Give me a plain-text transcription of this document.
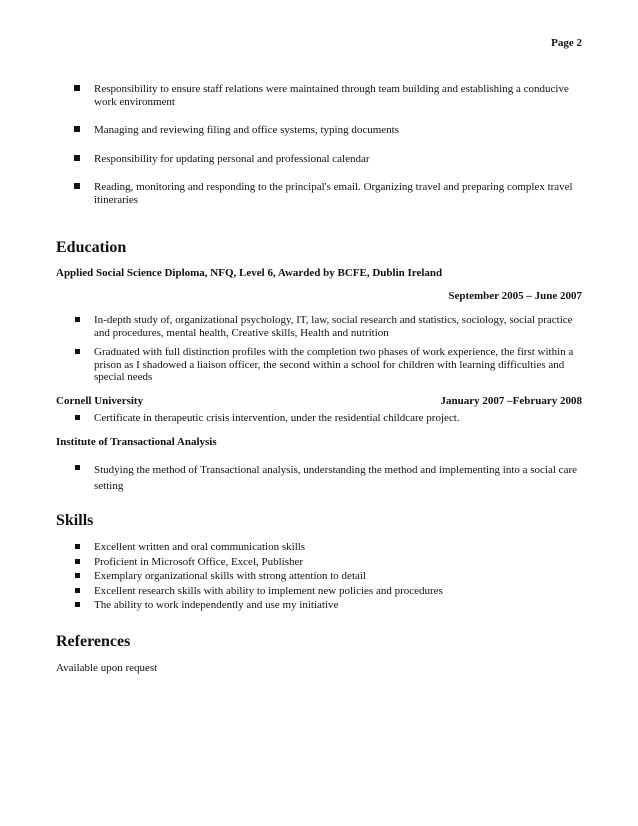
Page 2
Responsibility to ensure staff relations were maintained through team building and establishing a conducive work environment
Managing and reviewing filing and office systems, typing documents
Responsibility for updating personal and professional calendar
Reading, monitoring and responding to the principal's email. Organizing travel and preparing complex travel itineraries
Education
Applied Social Science Diploma, NFQ, Level 6, Awarded by BCFE, Dublin Ireland
September 2005 – June 2007
In-depth study of, organizational psychology, IT, law, social research and statistics, sociology, social practice and procedures, mental health, Creative skills, Health and nutrition
Graduated with full distinction profiles with the completion two phases of work experience, the first within a prison as I shadowed a liaison officer, the second within a school for children with learning difficulties and special needs
Cornell University	January 2007 –February 2008
Certificate in therapeutic crisis intervention, under the residential childcare project.
Institute of Transactional Analysis
Studying the method of Transactional analysis, understanding the method and implementing into a social care setting
Skills
Excellent written and oral communication skills
Proficient in Microsoft Office, Excel, Publisher
Exemplary organizational skills with strong attention to detail
Excellent research skills with ability to implement new policies and procedures
The ability to work independently and use my initiative
References
Available upon request
